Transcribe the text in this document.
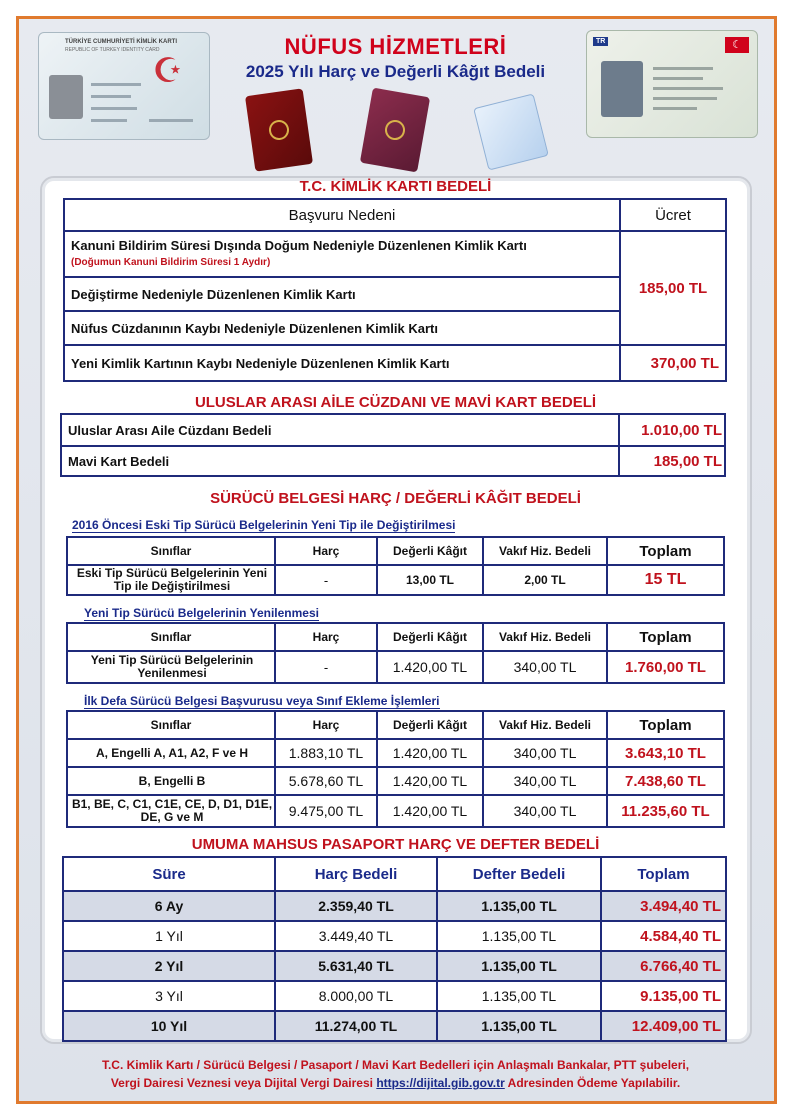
TÜRKİYE CUMHURİYETİ KİMLİK KARTI
REPUBLIC OF TURKEY IDENTITY CARD
☪
NÜFUS HİZMETLERİ
2025 Yılı Harç ve Değerli Kâğıt Bedeli
TR	☾
T.C. KİMLİK KARTI BEDELİ
Başvuru Nedeni	Ücret
Kanuni Bildirim Süresi Dışında Doğum Nedeniyle Düzenlenen Kimlik Kartı
(Doğumun Kanuni Bildirim Süresi 1 Aydır)
Değiştirme Nedeniyle Düzenlenen Kimlik Kartı
Nüfus Cüzdanının Kaybı Nedeniyle Düzenlenen Kimlik Kartı
185,00 TL
Yeni Kimlik Kartının Kaybı Nedeniyle Düzenlenen Kimlik Kartı	370,00 TL
ULUSLAR ARASI AİLE CÜZDANI VE MAVİ KART BEDELİ
Uluslar Arası Aile Cüzdanı Bedeli	1.010,00 TL
Mavi Kart Bedeli	185,00 TL
SÜRÜCÜ BELGESİ HARÇ / DEĞERLİ KÂĞIT BEDELİ
2016 Öncesi Eski Tip Sürücü Belgelerinin Yeni Tip ile Değiştirilmesi
Sınıflar	Harç	Değerli Kâğıt	Vakıf Hiz. Bedeli	Toplam
Eski Tip Sürücü Belgelerinin Yeni Tip ile Değiştirilmesi	-	13,00 TL	2,00 TL	15 TL
Yeni Tip Sürücü Belgelerinin Yenilenmesi
Sınıflar	Harç	Değerli Kâğıt	Vakıf Hiz. Bedeli	Toplam
Yeni Tip Sürücü Belgelerinin Yenilenmesi	-	1.420,00 TL	340,00 TL	1.760,00 TL
İlk Defa Sürücü Belgesi Başvurusu veya Sınıf Ekleme İşlemleri
Sınıflar	Harç	Değerli Kâğıt	Vakıf Hiz. Bedeli	Toplam
A, Engelli A, A1, A2, F ve H	1.883,10 TL	1.420,00 TL	340,00 TL	3.643,10 TL
B, Engelli B	5.678,60 TL	1.420,00 TL	340,00 TL	7.438,60 TL
B1, BE, C, C1, C1E, CE, D, D1, D1E, DE, G ve M	9.475,00 TL	1.420,00 TL	340,00 TL	11.235,60 TL
UMUMA MAHSUS PASAPORT HARÇ VE DEFTER BEDELİ
Süre	Harç Bedeli	Defter Bedeli	Toplam
6 Ay	2.359,40 TL	1.135,00 TL	3.494,40 TL
1 Yıl	3.449,40 TL	1.135,00 TL	4.584,40 TL
2 Yıl	5.631,40 TL	1.135,00 TL	6.766,40 TL
3 Yıl	8.000,00 TL	1.135,00 TL	9.135,00 TL
10 Yıl	11.274,00 TL	1.135,00 TL	12.409,00 TL
T.C. Kimlik Kartı / Sürücü Belgesi / Pasaport / Mavi Kart Bedelleri için Anlaşmalı Bankalar, PTT şubeleri,
Vergi Dairesi Veznesi veya Dijital Vergi Dairesi https://dijital.gib.gov.tr Adresinden Ödeme Yapılabilir.
